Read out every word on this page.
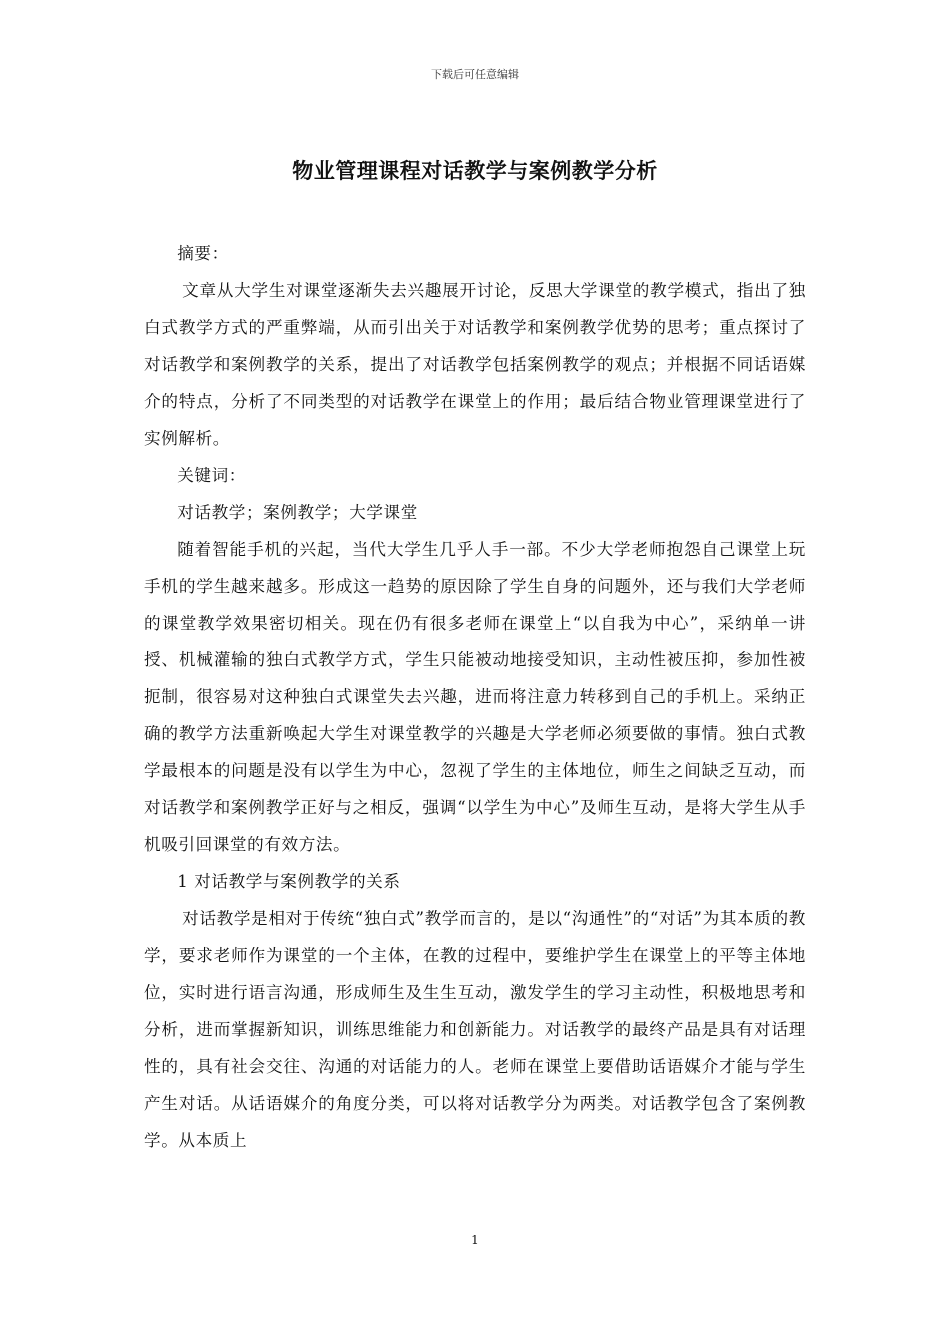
下载后可任意编辑
物业管理课程对话教学与案例教学分析

摘要：

文章从大学生对课堂逐渐失去兴趣展开讨论，反思大学课堂的教学模式，指出了独白式教学方式的严重弊端，从而引出关于对话教学和案例教学优势的思考；重点探讨了对话教学和案例教学的关系，提出了对话教学包括案例教学的观点；并根据不同话语媒介的特点，分析了不同类型的对话教学在课堂上的作用；最后结合物业管理课堂进行了实例解析。

关键词：

对话教学；案例教学；大学课堂

随着智能手机的兴起，当代大学生几乎人手一部。不少大学老师抱怨自己课堂上玩手机的学生越来越多。形成这一趋势的原因除了学生自身的问题外，还与我们大学老师的课堂教学效果密切相关。现在仍有很多老师在课堂上“以自我为中心”，采纳单一讲授、机械灌输的独白式教学方式，学生只能被动地接受知识，主动性被压抑，参加性被扼制，很容易对这种独白式课堂失去兴趣，进而将注意力转移到自己的手机上。采纳正确的教学方法重新唤起大学生对课堂教学的兴趣是大学老师必须要做的事情。独白式教学最根本的问题是没有以学生为中心，忽视了学生的主体地位，师生之间缺乏互动，而对话教学和案例教学正好与之相反，强调“以学生为中心”及师生互动，是将大学生从手机吸引回课堂的有效方法。

1 对话教学与案例教学的关系

对话教学是相对于传统“独白式”教学而言的，是以“沟通性”的“对话”为其本质的教学，要求老师作为课堂的一个主体，在教的过程中，要维护学生在课堂上的平等主体地位，实时进行语言沟通，形成师生及生生互动，激发学生的学习主动性，积极地思考和分析，进而掌握新知识，训练思维能力和创新能力。对话教学的最终产品是具有对话理性的，具有社会交往、沟通的对话能力的人。老师在课堂上要借助话语媒介才能与学生产生对话。从话语媒介的角度分类，可以将对话教学分为两类。对话教学包含了案例教学。从本质上

1
